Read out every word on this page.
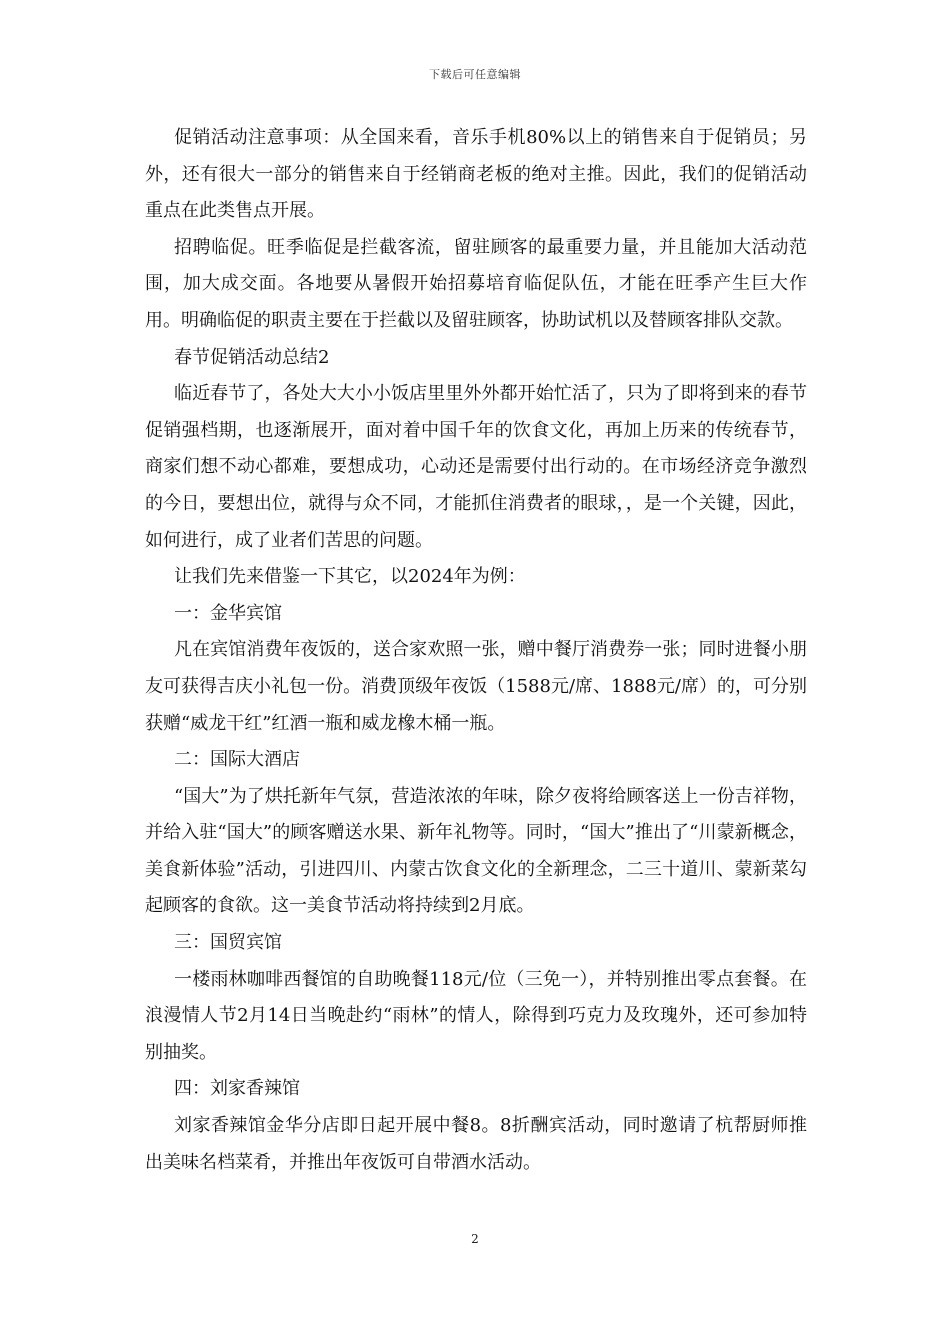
下载后可任意编辑

促销活动注意事项：从全国来看，音乐手机80%以上的销售来自于促销员；另外，还有很大一部分的销售来自于经销商老板的绝对主推。因此，我们的促销活动重点在此类售点开展。

招聘临促。旺季临促是拦截客流，留驻顾客的最重要力量，并且能加大活动范围，加大成交面。各地要从暑假开始招募培育临促队伍，才能在旺季产生巨大作用。明确临促的职责主要在于拦截以及留驻顾客，协助试机以及替顾客排队交款。

春节促销活动总结2

临近春节了，各处大大小小饭店里里外外都开始忙活了，只为了即将到来的春节促销强档期，也逐渐展开，面对着中国千年的饮食文化，再加上历来的传统春节，商家们想不动心都难，要想成功，心动还是需要付出行动的。在市场经济竞争激烈的今日，要想出位，就得与众不同，才能抓住消费者的眼球，，是一个关键，因此，如何进行，成了业者们苦思的问题。

让我们先来借鉴一下其它，以2024年为例：

一：金华宾馆

凡在宾馆消费年夜饭的，送合家欢照一张，赠中餐厅消费券一张；同时进餐小朋友可获得吉庆小礼包一份。消费顶级年夜饭（1588元/席、1888元/席）的，可分别获赠“威龙干红”红酒一瓶和威龙橡木桶一瓶。

二：国际大酒店

“国大”为了烘托新年气氛，营造浓浓的年味，除夕夜将给顾客送上一份吉祥物，并给入驻“国大”的顾客赠送水果、新年礼物等。同时，“国大”推出了“川蒙新概念，美食新体验”活动，引进四川、内蒙古饮食文化的全新理念，二三十道川、蒙新菜勾起顾客的食欲。这一美食节活动将持续到2月底。

三：国贸宾馆

一楼雨林咖啡西餐馆的自助晚餐118元/位（三免一），并特别推出零点套餐。在浪漫情人节2月14日当晚赴约“雨林”的情人，除得到巧克力及玫瑰外，还可参加特别抽奖。

四：刘家香辣馆

刘家香辣馆金华分店即日起开展中餐8。8折酬宾活动，同时邀请了杭帮厨师推出美味名档菜肴，并推出年夜饭可自带酒水活动。

2
